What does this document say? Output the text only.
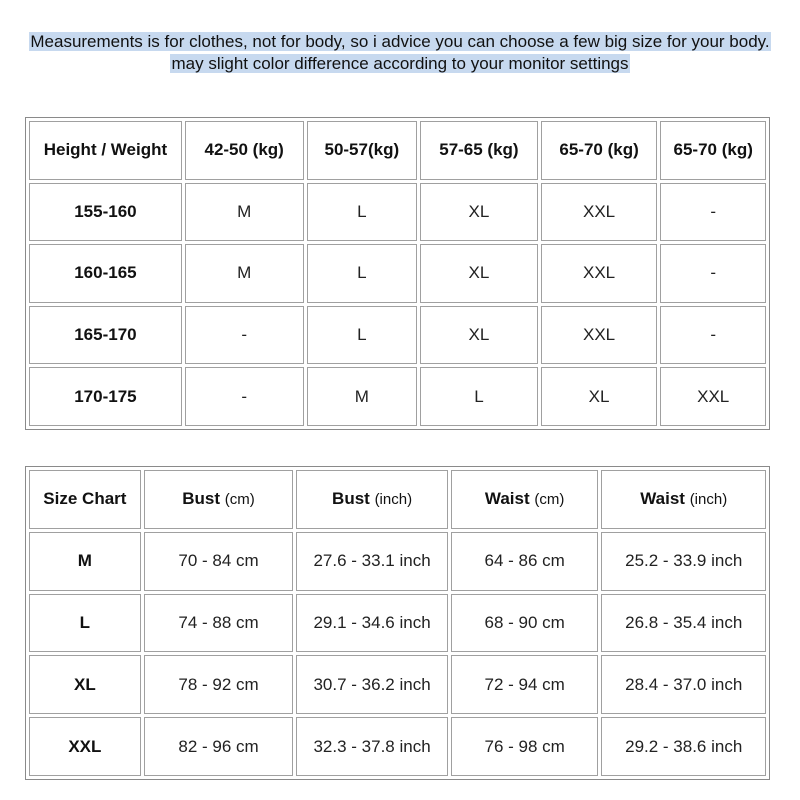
Measurements is for clothes, not for body, so i advice you can choose a few big size for your body.
may slight color difference according to your monitor settings
Height / Weight	42-50 (kg)	50-57(kg)	57-65 (kg)	65-70 (kg)	65-70 (kg)
155-160	M	L	XL	XXL	-
160-165	M	L	XL	XXL	-
165-170	-	L	XL	XXL	-
170-175	-	M	L	XL	XXL
Size Chart	Bust (cm)	Bust (inch)	Waist (cm)	Waist (inch)
M	70 - 84 cm	27.6 - 33.1 inch	64 - 86 cm	25.2 - 33.9 inch
L	74 - 88 cm	29.1 - 34.6 inch	68 - 90 cm	26.8 - 35.4 inch
XL	78 - 92 cm	30.7 - 36.2 inch	72 - 94 cm	28.4 - 37.0 inch
XXL	82 - 96 cm	32.3 - 37.8 inch	76 - 98 cm	29.2 - 38.6 inch
